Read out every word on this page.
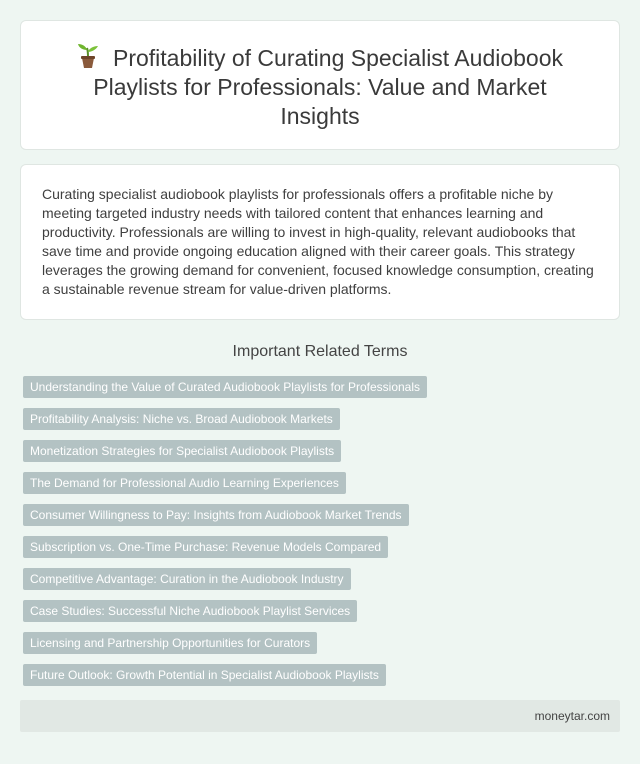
Profitability of Curating Specialist Audiobook Playlists for Professionals: Value and Market Insights

Curating specialist audiobook playlists for professionals offers a profitable niche by meeting targeted industry needs with tailored content that enhances learning and productivity. Professionals are willing to invest in high-quality, relevant audiobooks that save time and provide ongoing education aligned with their career goals. This strategy leverages the growing demand for convenient, focused knowledge consumption, creating a sustainable revenue stream for value-driven platforms.

Important Related Terms
Understanding the Value of Curated Audiobook Playlists for Professionals
Profitability Analysis: Niche vs. Broad Audiobook Markets
Monetization Strategies for Specialist Audiobook Playlists
The Demand for Professional Audio Learning Experiences
Consumer Willingness to Pay: Insights from Audiobook Market Trends
Subscription vs. One-Time Purchase: Revenue Models Compared
Competitive Advantage: Curation in the Audiobook Industry
Case Studies: Successful Niche Audiobook Playlist Services
Licensing and Partnership Opportunities for Curators
Future Outlook: Growth Potential in Specialist Audiobook Playlists
moneytar.com
